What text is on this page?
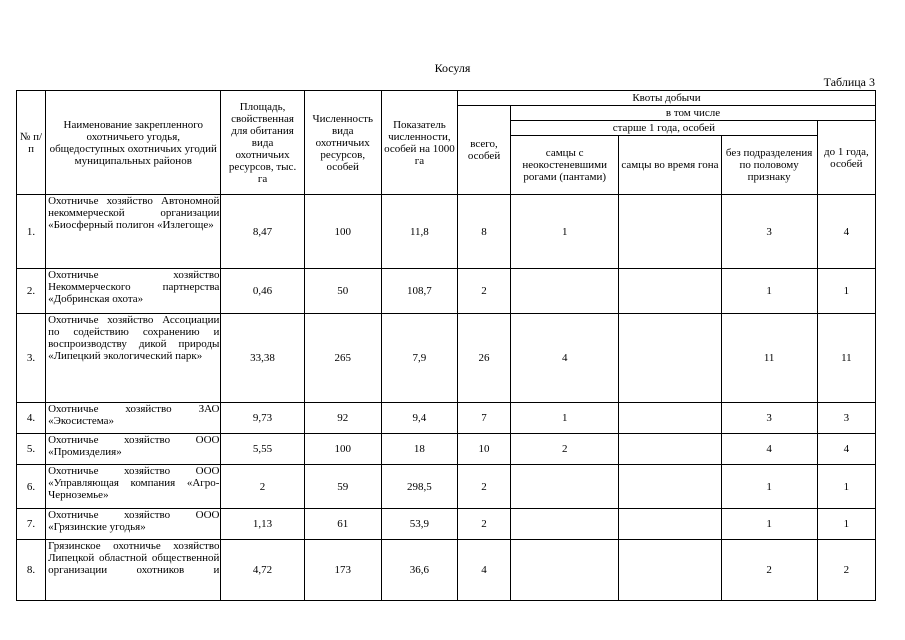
Косуля
Таблица 3
№ п/п	Наименование закрепленного охотничьего угодья, общедоступных охотничьих угодий муниципальных районов	Площадь, свойственная для обитания вида охотничьих ресурсов, тыс. га	Численность вида охотничьих ресурсов, особей	Показатель численности, особей на 1000 га	Квоты добычи				
					всего, особей	в том числе			
						старше 1 года, особей			до 1 года, особей
						самцы с неокостеневшими рогами (пантами)	самцы во время гона	без подразделения по половому признаку	
1.	Охотничье хозяйство Автономной некоммерческой организации «Биосферный полигон «Излегоще»	8,47	100	11,8	8	1		3	4
2.	Охотничье хозяйство Некоммерческого партнерства «Добринская охота»	0,46	50	108,7	2			1	1
3.	Охотничье хозяйство Ассоциации по содействию сохранению и воспроизводству дикой природы «Липецкий экологический парк»	33,38	265	7,9	26	4		11	11
4.	Охотничье хозяйство ЗАО «Экосистема»	9,73	92	9,4	7	1		3	3
5.	Охотничье хозяйство ООО «Промизделия»	5,55	100	18	10	2		4	4
6.	Охотничье хозяйство ООО «Управляющая компания «Агро-Черноземье»	2	59	298,5	2			1	1
7.	Охотничье хозяйство ООО «Грязинские угодья»	1,13	61	53,9	2			1	1
8.	Грязинское охотничье хозяйство Липецкой областной общественной организации охотников и	4,72	173	36,6	4			2	2
